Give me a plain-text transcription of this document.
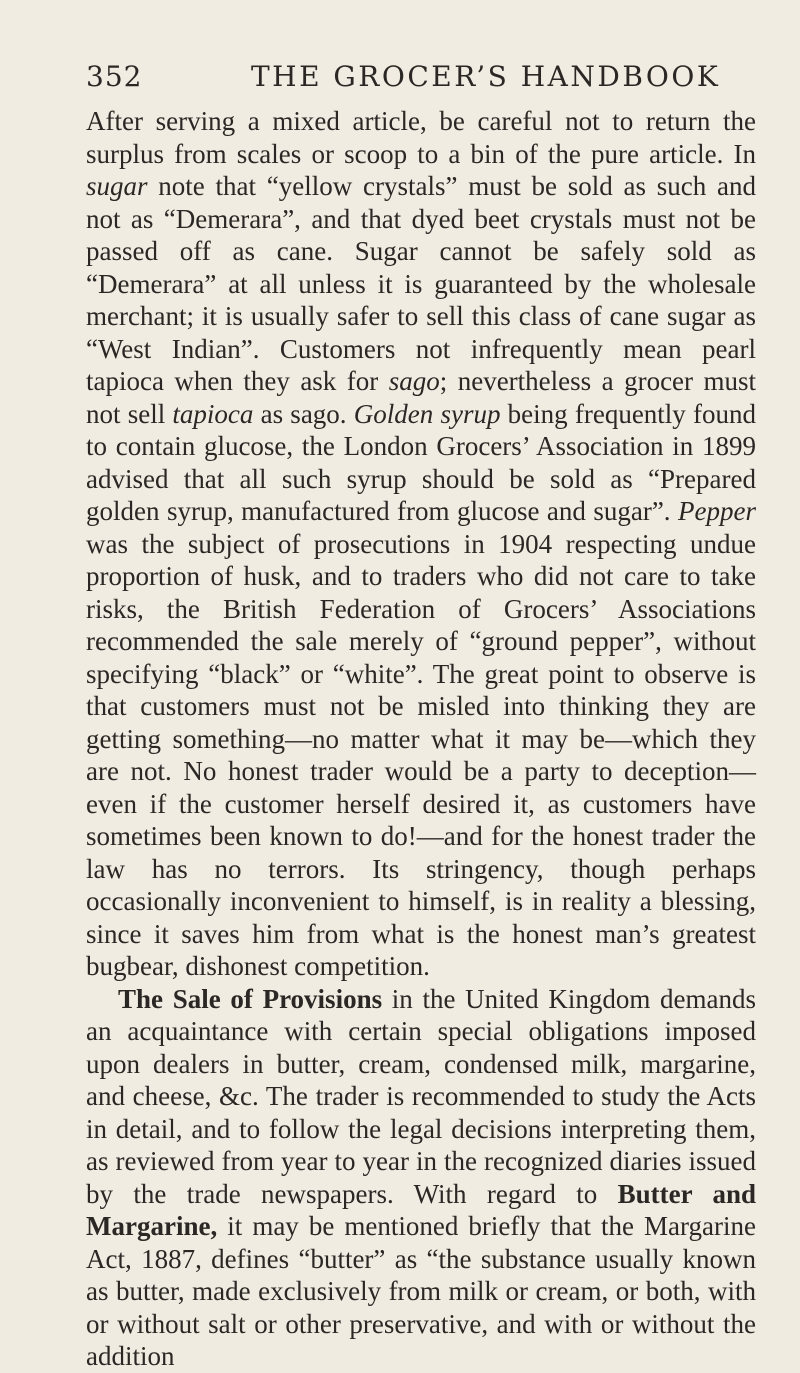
352	THE GROCER’S HANDBOOK

After serving a mixed article, be careful not to return the surplus from scales or scoop to a bin of the pure article. In sugar note that “yellow crystals” must be sold as such and not as “Demerara”, and that dyed beet crystals must not be passed off as cane. Sugar cannot be safely sold as “Demerara” at all unless it is guaranteed by the wholesale merchant; it is usually safer to sell this class of cane sugar as “West Indian”. Customers not infrequently mean pearl tapioca when they ask for sago; nevertheless a grocer must not sell tapioca as sago. Golden syrup being frequently found to contain glucose, the London Grocers’ Association in 1899 advised that all such syrup should be sold as “Prepared golden syrup, manufactured from glucose and sugar”. Pepper was the subject of prosecutions in 1904 respecting undue proportion of husk, and to traders who did not care to take risks, the British Federation of Grocers’ Associations recommended the sale merely of “ground pepper”, without specifying “black” or “white”. The great point to observe is that customers must not be misled into thinking they are getting something—no matter what it may be—which they are not. No honest trader would be a party to deception—even if the customer herself desired it, as customers have sometimes been known to do!—and for the honest trader the law has no terrors. Its stringency, though perhaps occasionally inconvenient to himself, is in reality a blessing, since it saves him from what is the honest man’s greatest bugbear, dishonest competition.

The Sale of Provisions in the United Kingdom demands an acquaintance with certain special obligations imposed upon dealers in butter, cream, condensed milk, margarine, and cheese, &c. The trader is recommended to study the Acts in detail, and to follow the legal decisions interpreting them, as reviewed from year to year in the recognized diaries issued by the trade newspapers. With regard to Butter and Margarine, it may be mentioned briefly that the Margarine Act, 1887, defines “butter” as “the substance usually known as butter, made exclusively from milk or cream, or both, with or without salt or other preservative, and with or without the addition
